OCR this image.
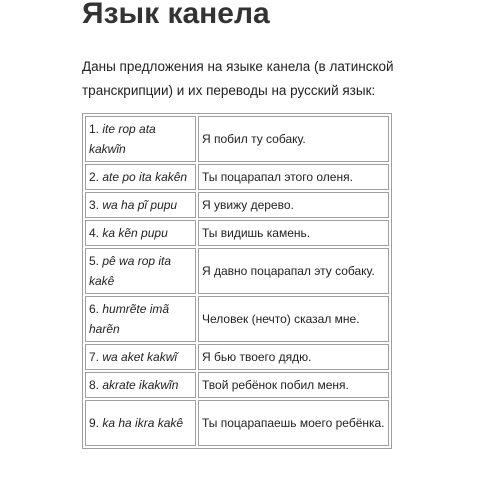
Язык канела

Даны предложения на языке канела (в латинской транскрипции) и их переводы на русский язык:

1. ite rop ata kakwĩn	Я побил ту собаку.
2. ate po ita kakên	Ты поцарапал этого оленя.
3. wa ha pĩ pupu	Я увижу дерево.
4. ka kẽn pupu	Ты видишь камень.
5. pê wa rop ita kakê	Я давно поцарапал эту собаку.
6. humrẽte imã harẽn	Человек (нечто) сказал мне.
7. wa aket kakwĩ	Я бью твоего дядю.
8. akrate ikakwĩn	Твой ребёнок побил меня.
9. ka ha ikra kakê	Ты поцарапаешь моего ребёнка.
